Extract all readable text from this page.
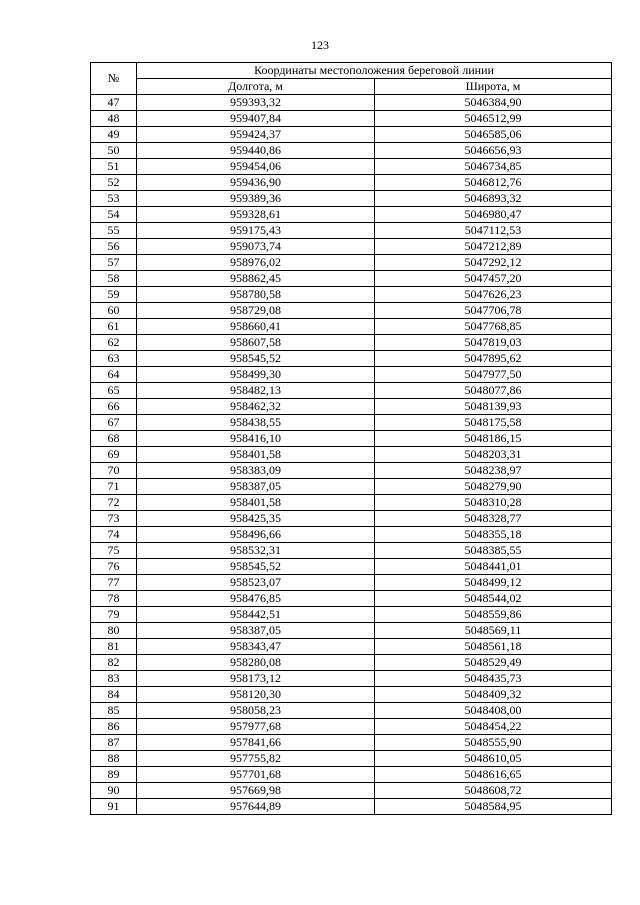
123
№	Координаты местоположения береговой линии	
	Долгота, м	Широта, м
47	959393,32	5046384,90
48	959407,84	5046512,99
49	959424,37	5046585,06
50	959440,86	5046656,93
51	959454,06	5046734,85
52	959436,90	5046812,76
53	959389,36	5046893,32
54	959328,61	5046980,47
55	959175,43	5047112,53
56	959073,74	5047212,89
57	958976,02	5047292,12
58	958862,45	5047457,20
59	958780,58	5047626,23
60	958729,08	5047706,78
61	958660,41	5047768,85
62	958607,58	5047819,03
63	958545,52	5047895,62
64	958499,30	5047977,50
65	958482,13	5048077,86
66	958462,32	5048139,93
67	958438,55	5048175,58
68	958416,10	5048186,15
69	958401,58	5048203,31
70	958383,09	5048238,97
71	958387,05	5048279,90
72	958401,58	5048310,28
73	958425,35	5048328,77
74	958496,66	5048355,18
75	958532,31	5048385,55
76	958545,52	5048441,01
77	958523,07	5048499,12
78	958476,85	5048544,02
79	958442,51	5048559,86
80	958387,05	5048569,11
81	958343,47	5048561,18
82	958280,08	5048529,49
83	958173,12	5048435,73
84	958120,30	5048409,32
85	958058,23	5048408,00
86	957977,68	5048454,22
87	957841,66	5048555,90
88	957755,82	5048610,05
89	957701,68	5048616,65
90	957669,98	5048608,72
91	957644,89	5048584,95
